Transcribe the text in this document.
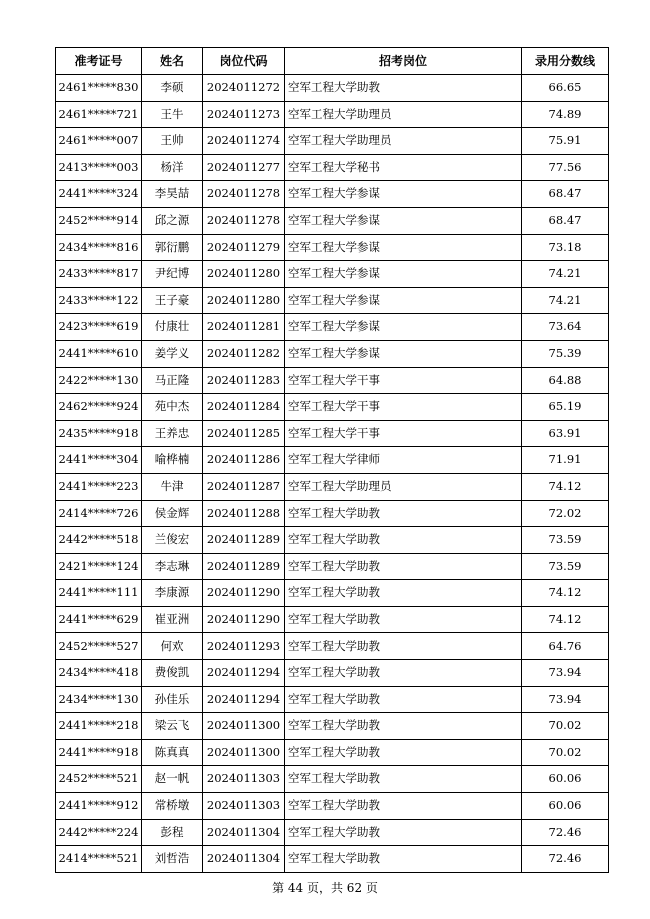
准考证号	姓名	岗位代码	招考岗位	录用分数线
2461*****830	李硕	2024011272	空军工程大学助教	66.65
2461*****721	王牛	2024011273	空军工程大学助理员	74.89
2461*****007	王帅	2024011274	空军工程大学助理员	75.91
2413*****003	杨洋	2024011277	空军工程大学秘书	77.56
2441*****324	李昊喆	2024011278	空军工程大学参谋	68.47
2452*****914	邱之源	2024011278	空军工程大学参谋	68.47
2434*****816	郭衍鹏	2024011279	空军工程大学参谋	73.18
2433*****817	尹纪博	2024011280	空军工程大学参谋	74.21
2433*****122	王子豪	2024011280	空军工程大学参谋	74.21
2423*****619	付康壮	2024011281	空军工程大学参谋	73.64
2441*****610	姜学义	2024011282	空军工程大学参谋	75.39
2422*****130	马正隆	2024011283	空军工程大学干事	64.88
2462*****924	苑中杰	2024011284	空军工程大学干事	65.19
2435*****918	王养忠	2024011285	空军工程大学干事	63.91
2441*****304	喻桦楠	2024011286	空军工程大学律师	71.91
2441*****223	牛津	2024011287	空军工程大学助理员	74.12
2414*****726	侯金辉	2024011288	空军工程大学助教	72.02
2442*****518	兰俊宏	2024011289	空军工程大学助教	73.59
2421*****124	李志琳	2024011289	空军工程大学助教	73.59
2441*****111	李康源	2024011290	空军工程大学助教	74.12
2441*****629	崔亚洲	2024011290	空军工程大学助教	74.12
2452*****527	何欢	2024011293	空军工程大学助教	64.76
2434*****418	费俊凯	2024011294	空军工程大学助教	73.94
2434*****130	孙佳乐	2024011294	空军工程大学助教	73.94
2441*****218	梁云飞	2024011300	空军工程大学助教	70.02
2441*****918	陈真真	2024011300	空军工程大学助教	70.02
2452*****521	赵一帆	2024011303	空军工程大学助教	60.06
2441*****912	常桥墩	2024011303	空军工程大学助教	60.06
2442*****224	彭程	2024011304	空军工程大学助教	72.46
2414*****521	刘哲浩	2024011304	空军工程大学助教	72.46
第 44 页，共 62 页
